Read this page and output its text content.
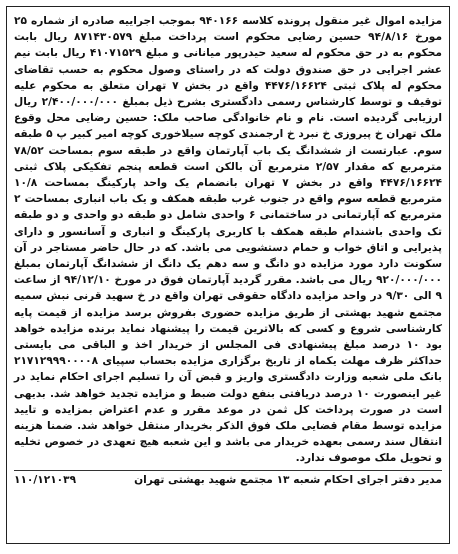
مزایده اموال غیر منقول پرونده کلاسه ۹۴۰۱۶۶ بموجب اجراییه صادره از شماره ۲۵ مورخ ۹۴/۸/۱۶ حسین رضایی محکوم است پرداخت مبلغ ۸۷۱۴۳۰۵۷۹ ریال بابت محکوم به در حق محکوم له سعید حیدرپور میانانی و مبلغ ۴۱۰۷۱۵۲۹ ریال بابت نیم عشر اجرایی در حق صندوق دولت که در راستای وصول محکوم به حسب تقاضای محکوم له پلاک ثبتی ۴۴۷۶/۱۶۶۲۴ واقع در بخش ۷ تهران متعلق به محکوم علیه توقیف و توسط کارشناس رسمی دادگستری بشرح ذیل بمبلغ ۲/۴۰۰/۰۰۰/۰۰۰ ریال ارزیابی گردیده است. نام و نام خانوادگی صاحب ملک: حسین رضایی محل وقوع ملک تهران خ پیروزی خ نبرد خ ارجمندی کوچه سیلاخوری کوچه امیر کبیر پ ۵ طبقه سوم. عبارتست از ششدانگ یک باب آپارتمان واقع در طبقه سوم بمساحت ۷۸/۵۲ مترمربع که مقدار ۲/۵۷ مترمربع آن بالکن است قطعه پنجم تفکیکی پلاک ثبتی ۴۴۷۶/۱۶۶۲۴ واقع در بخش ۷ تهران بانضمام یک واحد پارکینگ بمساحت ۱۰/۸ مترمربع قطعه سوم واقع در جنوب غرب طبقه همکف و یک باب انباری بمساحت ۲ مترمربع که آپارتمانی در ساختمانی ۶ واحدی شامل دو طبقه دو واحدی و دو طبقه تک واحدی باشندام طبقه همکف با کاربری پارکینگ و انباری و آسانسور و دارای پذیرایی و اتاق خواب و حمام دستشویی می باشد. که در حال حاضر مستاجر در آن سکونت دارد مورد مزایده دو دانگ و سه دهم یک دانگ از ششدانگ آپارتمان بمبلغ ۹۲۰/۰۰۰/۰۰۰ ریال می باشد. مقرر گردید آپارتمان فوق در مورخ ۹۴/۱۲/۱۰ از ساعت ۹ الی ۹/۳۰ در واحد مزایده دادگاه حقوقی تهران واقع در خ سهید قرنی نبش سمیه مجتمع شهید بهشتی از طریق مزایده حضوری بفروش برسد مزایده از قیمت پایه کارشناسی شروع و کسی که بالاترین قیمت را پیشنهاد نماید برنده مزایده خواهد بود ۱۰ درصد مبلغ پیشنهادی فی المجلس از خریدار اخذ و الباقی می بایستی حداکثر ظرف مهلت یکماه از تاریخ برگزاری مزایده بحساب سپیای ۲۱۷۱۲۹۹۹۰۰۰۰۸ بانک ملی شعبه وزارت دادگستری واریز و قبض آن را تسلیم اجرای احکام نماید در غیر اینصورت ۱۰ درصد دریافتی بنفع دولت ضبط و مزایده تجدید خواهد شد. بدیهی است در صورت پرداخت کل ثمن در موعد مقرر و عدم اعتراض بمزایده و تایید مزایده توسط مقام قضایی ملک فوق الذکر بخریدار منتقل خواهد شد. ضمنا هزینه انتقال سند رسمی بعهده خریدار می باشد و این شعبه هیچ تعهدی در خصوص تخلیه و تحویل ملک موصوف ندارد.

مدیر دفتر اجرای احکام شعبه ۱۳ مجتمع شهید بهشتی تهران
۱۱۰/۱۲۱۰۳۹
